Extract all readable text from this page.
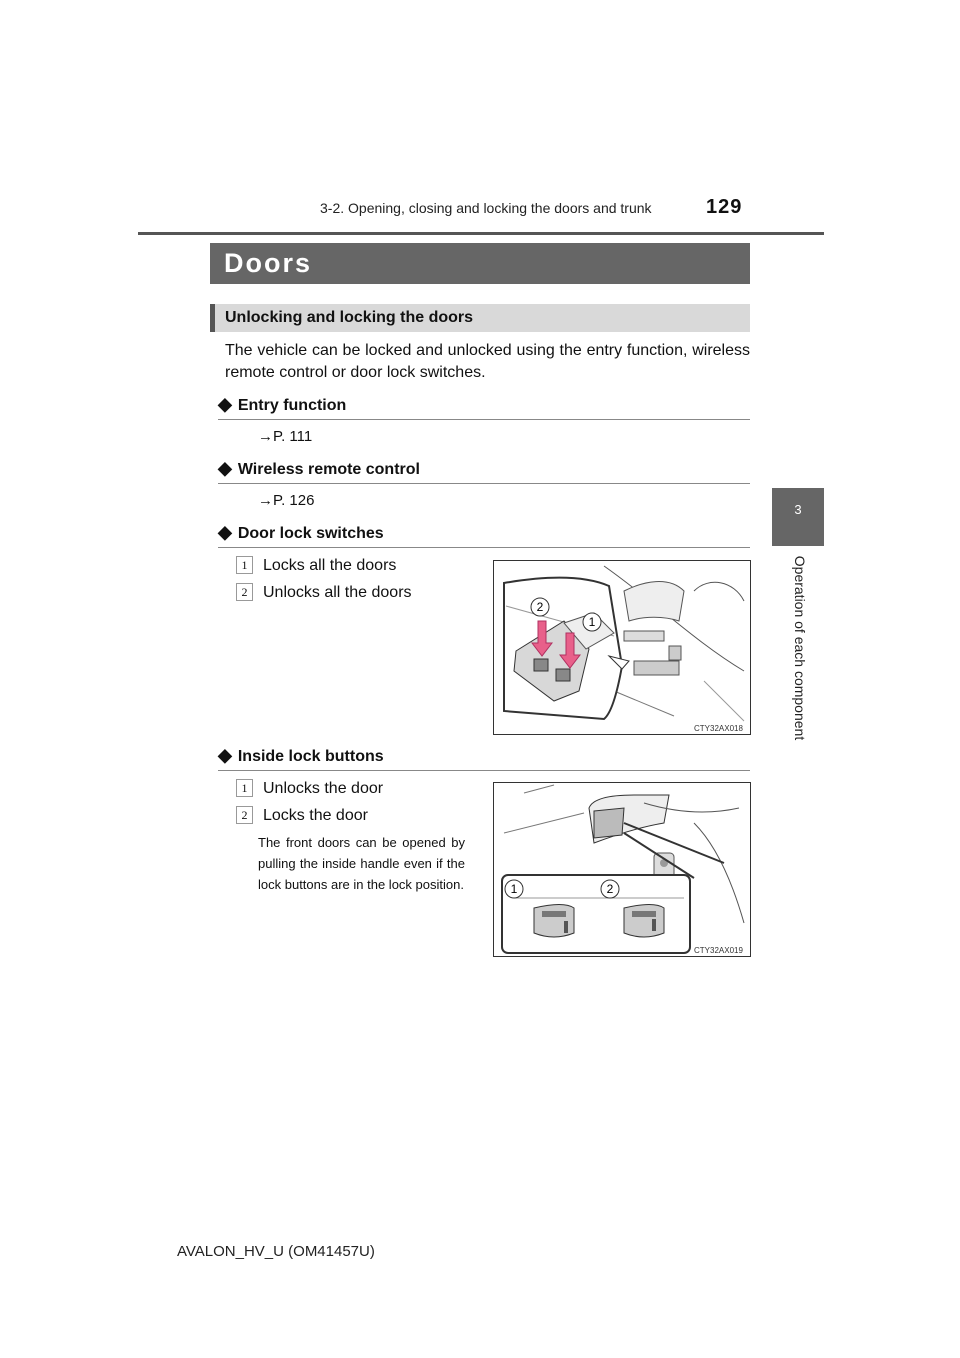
3-2. Opening, closing and locking the doors and trunk	129
3
Operation of each component
Doors
Unlocking and locking the doors
The vehicle can be locked and unlocked using the entry function, wireless remote control or door lock switches.
◆ Entry function
→P. 111
◆ Wireless remote control
→P. 126
◆ Door lock switches
1 Locks all the doors
2 Unlocks all the doors
2
1
CTY32AX018
◆ Inside lock buttons
1 Unlocks the door
2 Locks the door
The front doors can be opened by pulling the inside handle even if the lock buttons are in the lock position.	1	2
CTY32AX019
AVALON_HV_U (OM41457U)
